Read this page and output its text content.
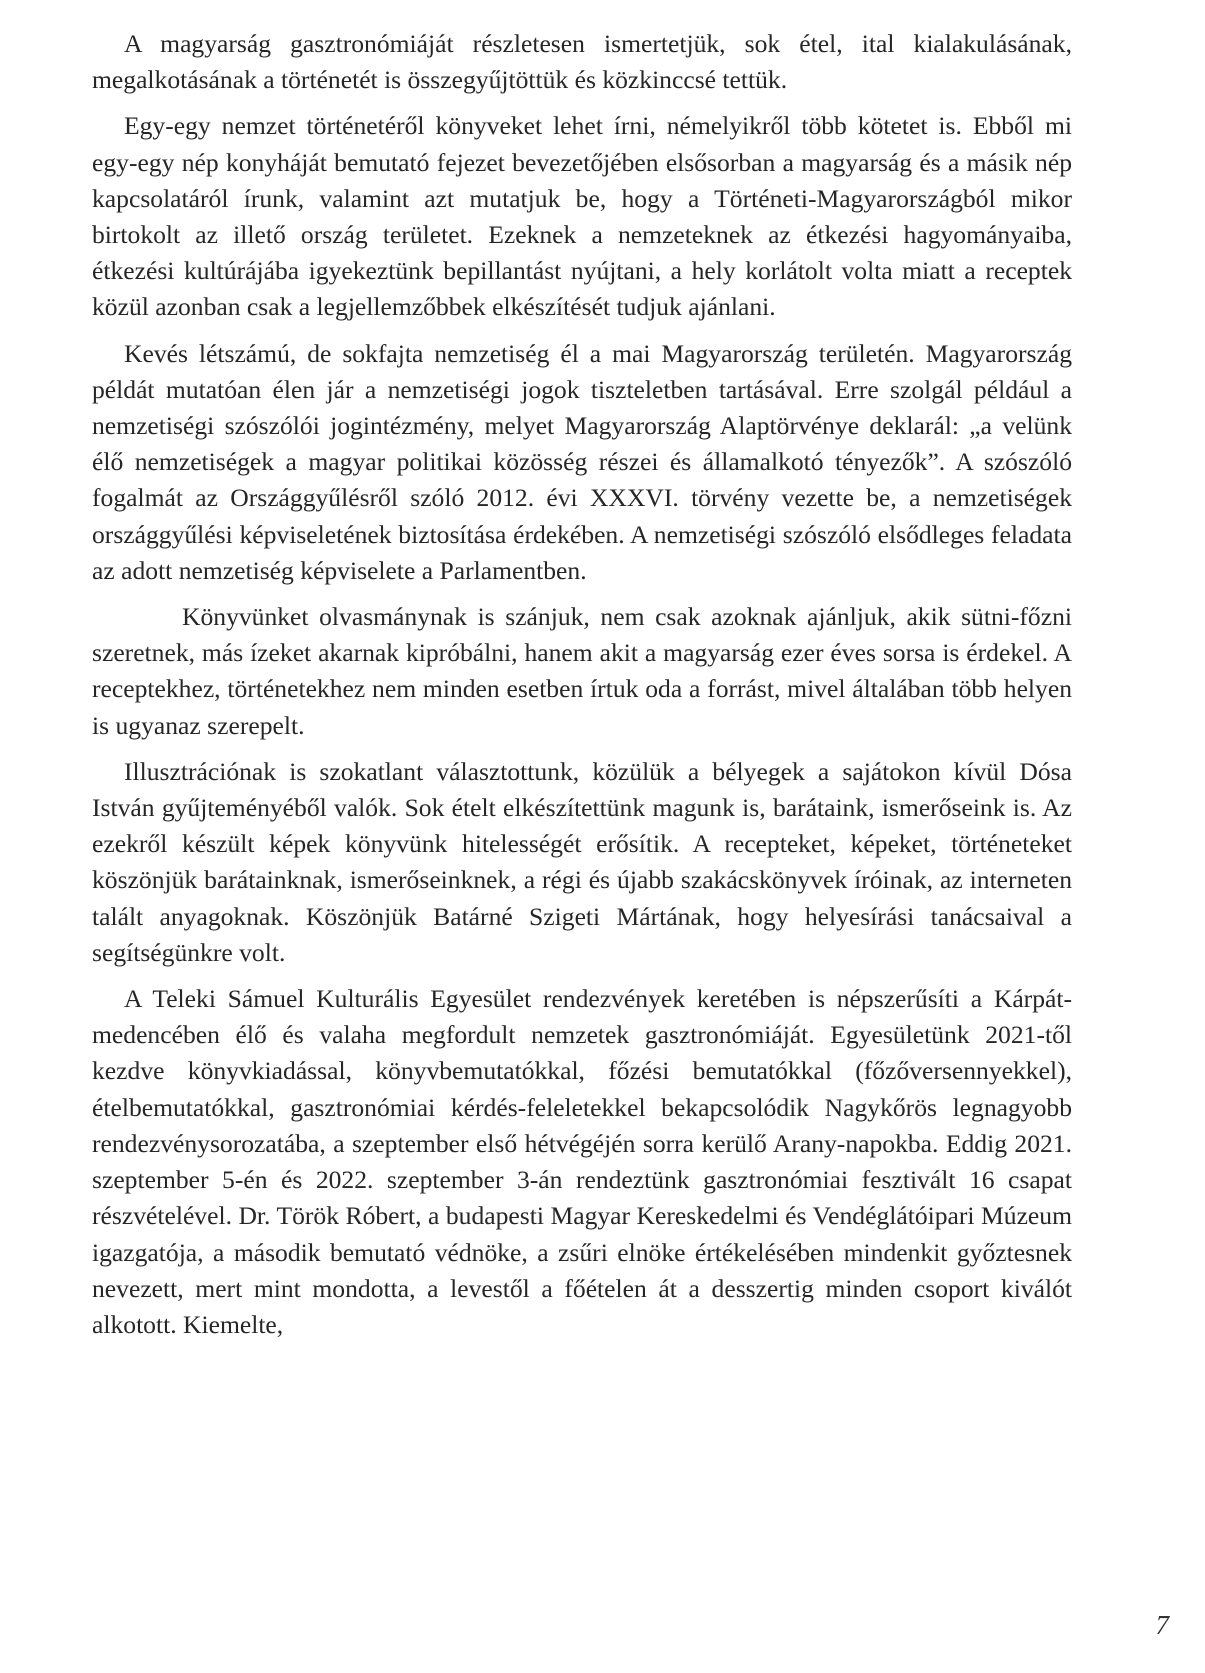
A magyarság gasztronómiáját részletesen ismertetjük, sok étel, ital kialakulásának, megalkotásának a történetét is összegyűjtöttük és közkinccsé tettük.

Egy-egy nemzet történetéről könyveket lehet írni, némelyikről több kötetet is. Ebből mi egy-egy nép konyháját bemutató fejezet bevezetőjében elsősorban a magyarság és a másik nép kapcsolatáról írunk, valamint azt mutatjuk be, hogy a Történeti-Magyarországból mikor birtokolt az illető ország területet. Ezeknek a nemzeteknek az étkezési hagyományaiba, étkezési kultúrájába igyekeztünk bepillantást nyújtani, a hely korlátolt volta miatt a receptek közül azonban csak a legjellemzőbbek elkészítését tudjuk ajánlani.

Kevés létszámú, de sokfajta nemzetiség él a mai Magyarország területén. Magyarország példát mutatóan élen jár a nemzetiségi jogok tiszteletben tartásával. Erre szolgál például a nemzetiségi szószólói jogintézmény, melyet Magyarország Alaptörvénye deklarál: „a velünk élő nemzetiségek a magyar politikai közösség részei és államalkotó tényezők”. A szószóló fogalmát az Országgyűlésről szóló 2012. évi XXXVI. törvény vezette be, a nemzetiségek országgyűlési képviseletének biztosítása érdekében. A nemzetiségi szószóló elsődleges feladata az adott nemzetiség képviselete a Parlamentben.

Könyvünket olvasmánynak is szánjuk, nem csak azoknak ajánljuk, akik sütni-főzni szeretnek, más ízeket akarnak kipróbálni, hanem akit a magyarság ezer éves sorsa is érdekel. A receptekhez, történetekhez nem minden esetben írtuk oda a forrást, mivel általában több helyen is ugyanaz szerepelt.

Illusztrációnak is szokatlant választottunk, közülük a bélyegek a sajátokon kívül Dósa István gyűjteményéből valók. Sok ételt elkészítettünk magunk is, barátaink, ismerőseink is. Az ezekről készült képek könyvünk hitelességét erősítik. A recepteket, képeket, történeteket köszönjük barátainknak, ismerőseinknek, a régi és újabb szakácskönyvek íróinak, az interneten talált anyagoknak. Köszönjük Batárné Szigeti Mártának, hogy helyesírási tanácsaival a segítségünkre volt.

A Teleki Sámuel Kulturális Egyesület rendezvények keretében is népszerűsíti a Kárpát-medencében élő és valaha megfordult nemzetek gasztronómiáját. Egyesületünk 2021-től kezdve könyvkiadással, könyvbemutatókkal, főzési bemutatókkal (főzőversennyekkel), ételbemutatókkal, gasztronómiai kérdés-feleletekkel bekapcsolódik Nagykőrös legnagyobb rendezvénysorozatába, a szeptember első hétvégéjén sorra kerülő Arany-napokba. Eddig 2021. szeptember 5-én és 2022. szeptember 3-án rendeztünk gasztronómiai fesztivált 16 csapat részvételével. Dr. Török Róbert, a budapesti Magyar Kereskedelmi és Vendéglátóipari Múzeum igazgatója, a második bemutató védnöke, a zsűri elnöke értékelésében mindenkit győztesnek nevezett, mert mint mondotta, a levestől a főételen át a desszertig minden csoport kiválót alkotott. Kiemelte,

7
